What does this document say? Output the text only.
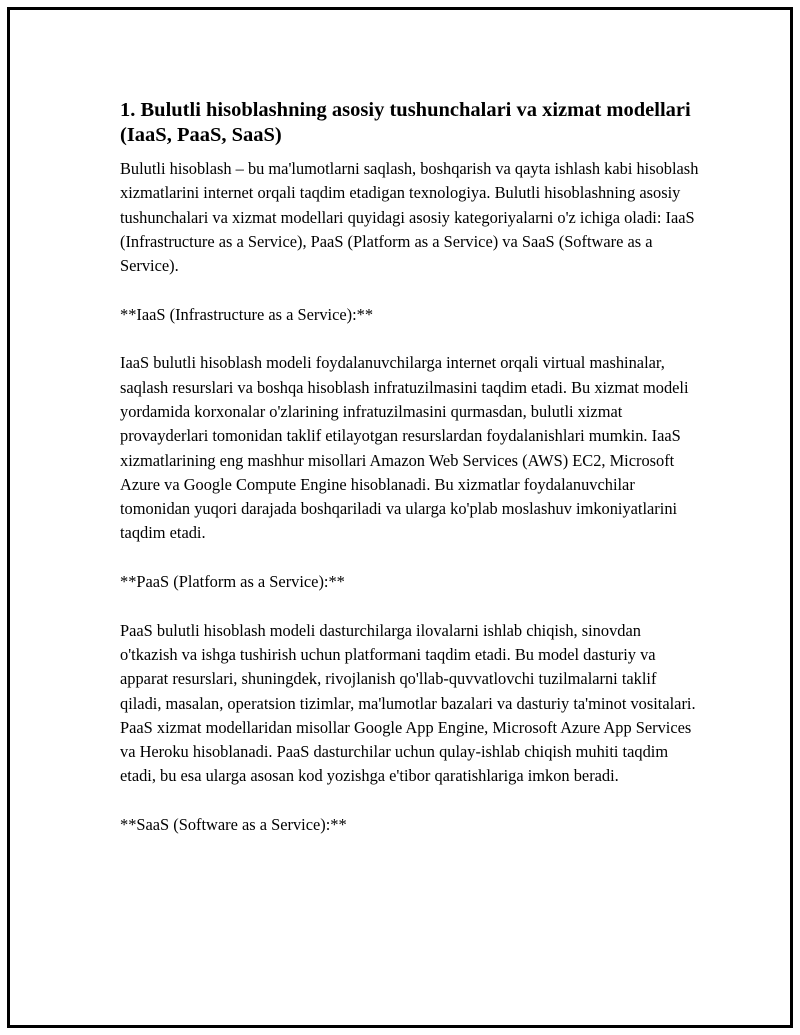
1. Bulutli hisoblashning asosiy tushunchalari va xizmat modellari (IaaS, PaaS, SaaS)

Bulutli hisoblash – bu ma'lumotlarni saqlash, boshqarish va qayta ishlash kabi hisoblash xizmatlarini internet orqali taqdim etadigan texnologiya. Bulutli hisoblashning asosiy tushunchalari va xizmat modellari quyidagi asosiy kategoriyalarni o'z ichiga oladi: IaaS (Infrastructure as a Service), PaaS (Platform as a Service) va SaaS (Software as a Service).

**IaaS (Infrastructure as a Service):**

IaaS bulutli hisoblash modeli foydalanuvchilarga internet orqali virtual mashinalar, saqlash resurslari va boshqa hisoblash infratuzilmasini taqdim etadi. Bu xizmat modeli yordamida korxonalar o'zlarining infratuzilmasini qurmasdan, bulutli xizmat provayderlari tomonidan taklif etilayotgan resurslardan foydalanishlari mumkin. IaaS xizmatlarining eng mashhur misollari Amazon Web Services (AWS) EC2, Microsoft Azure va Google Compute Engine hisoblanadi. Bu xizmatlar foydalanuvchilar tomonidan yuqori darajada boshqariladi va ularga ko'plab moslashuv imkoniyatlarini taqdim etadi.

**PaaS (Platform as a Service):**

PaaS bulutli hisoblash modeli dasturchilarga ilovalarni ishlab chiqish, sinovdan o'tkazish va ishga tushirish uchun platformani taqdim etadi. Bu model dasturiy va apparat resurslari, shuningdek, rivojlanish qo'llab-quvvatlovchi tuzilmalarni taklif qiladi, masalan, operatsion tizimlar, ma'lumotlar bazalari va dasturiy ta'minot vositalari. PaaS xizmat modellaridan misollar Google App Engine, Microsoft Azure App Services va Heroku hisoblanadi. PaaS dasturchilar uchun qulay-ishlab chiqish muhiti taqdim etadi, bu esa ularga asosan kod yozishga e'tibor qaratishlariga imkon beradi.

**SaaS (Software as a Service):**
